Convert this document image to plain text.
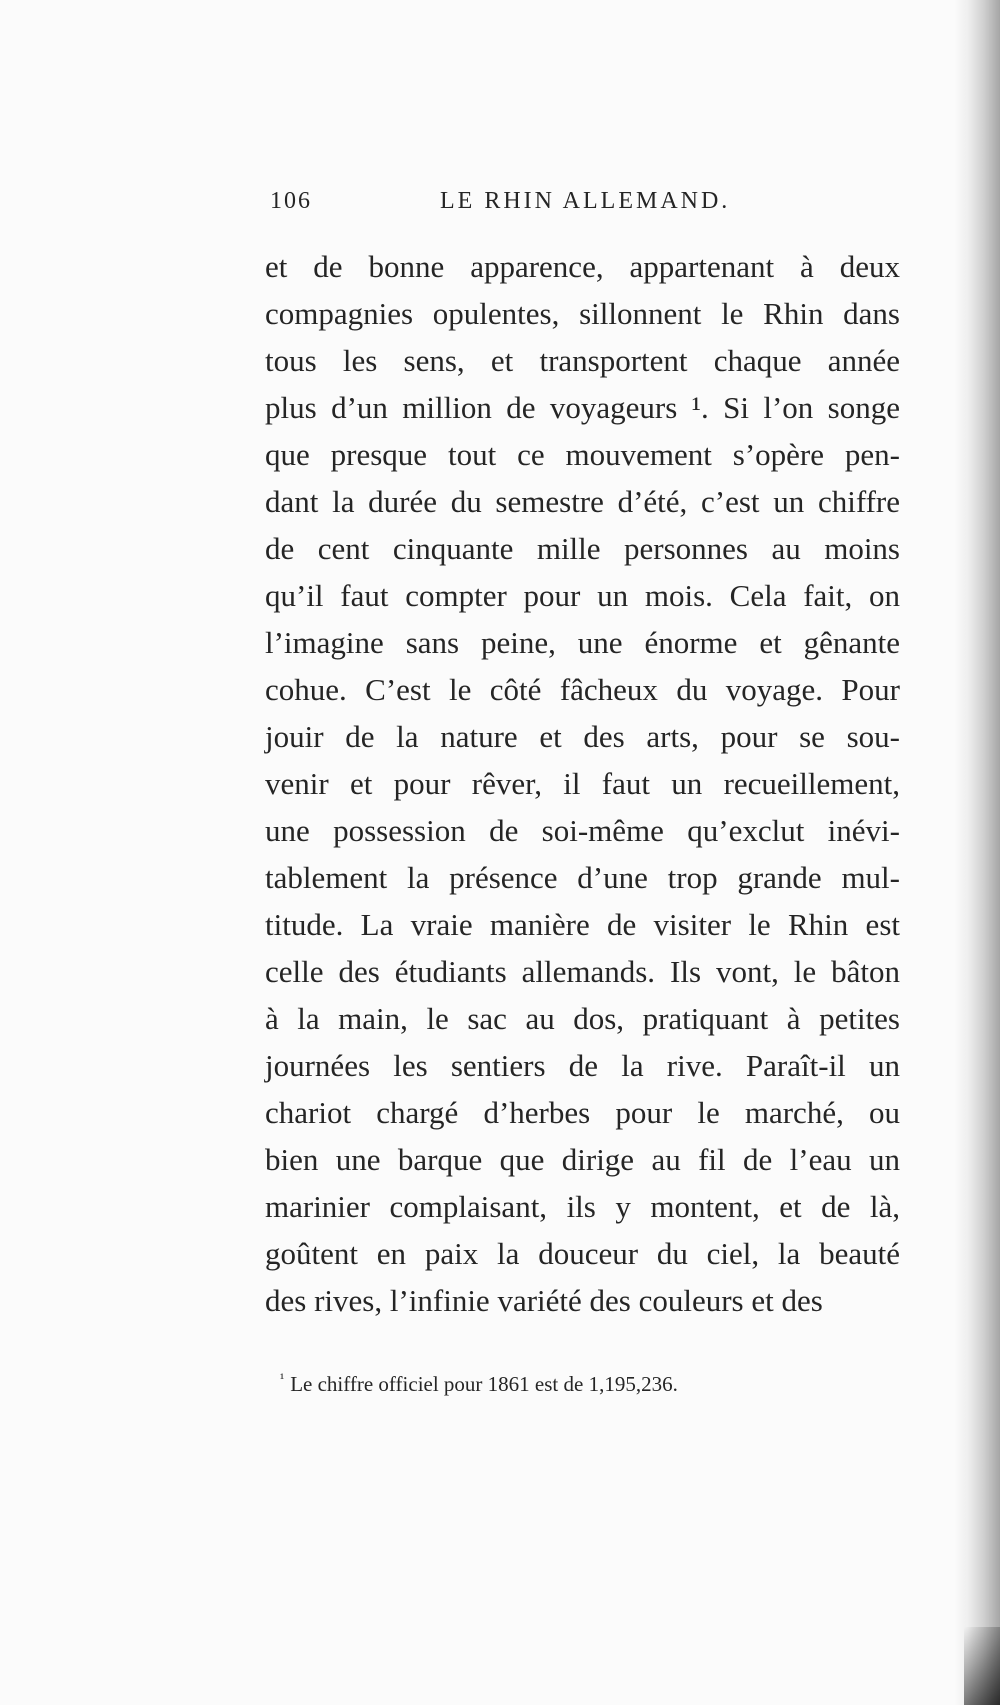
106	LE RHIN ALLEMAND.
et de bonne apparence, appartenant à deux
compagnies opulentes, sillonnent le Rhin dans
tous les sens, et transportent chaque année
plus d’un million de voyageurs ¹. Si l’on songe
que presque tout ce mouvement s’opère pen-
dant la durée du semestre d’été, c’est un chiffre
de cent cinquante mille personnes au moins
qu’il faut compter pour un mois. Cela fait, on
l’imagine sans peine, une énorme et gênante
cohue. C’est le côté fâcheux du voyage. Pour
jouir de la nature et des arts, pour se sou-
venir et pour rêver, il faut un recueillement,
une possession de soi-même qu’exclut inévi-
tablement la présence d’une trop grande mul-
titude. La vraie manière de visiter le Rhin est
celle des étudiants allemands. Ils vont, le bâton
à la main, le sac au dos, pratiquant à petites
journées les sentiers de la rive. Paraît-il un
chariot chargé d’herbes pour le marché, ou
bien une barque que dirige au fil de l’eau un
marinier complaisant, ils y montent, et de là,
goûtent en paix la douceur du ciel, la beauté
des rives, l’infinie variété des couleurs et des
$^{^1}$ Le chiffre officiel pour 1861 est de 1,195,236.
